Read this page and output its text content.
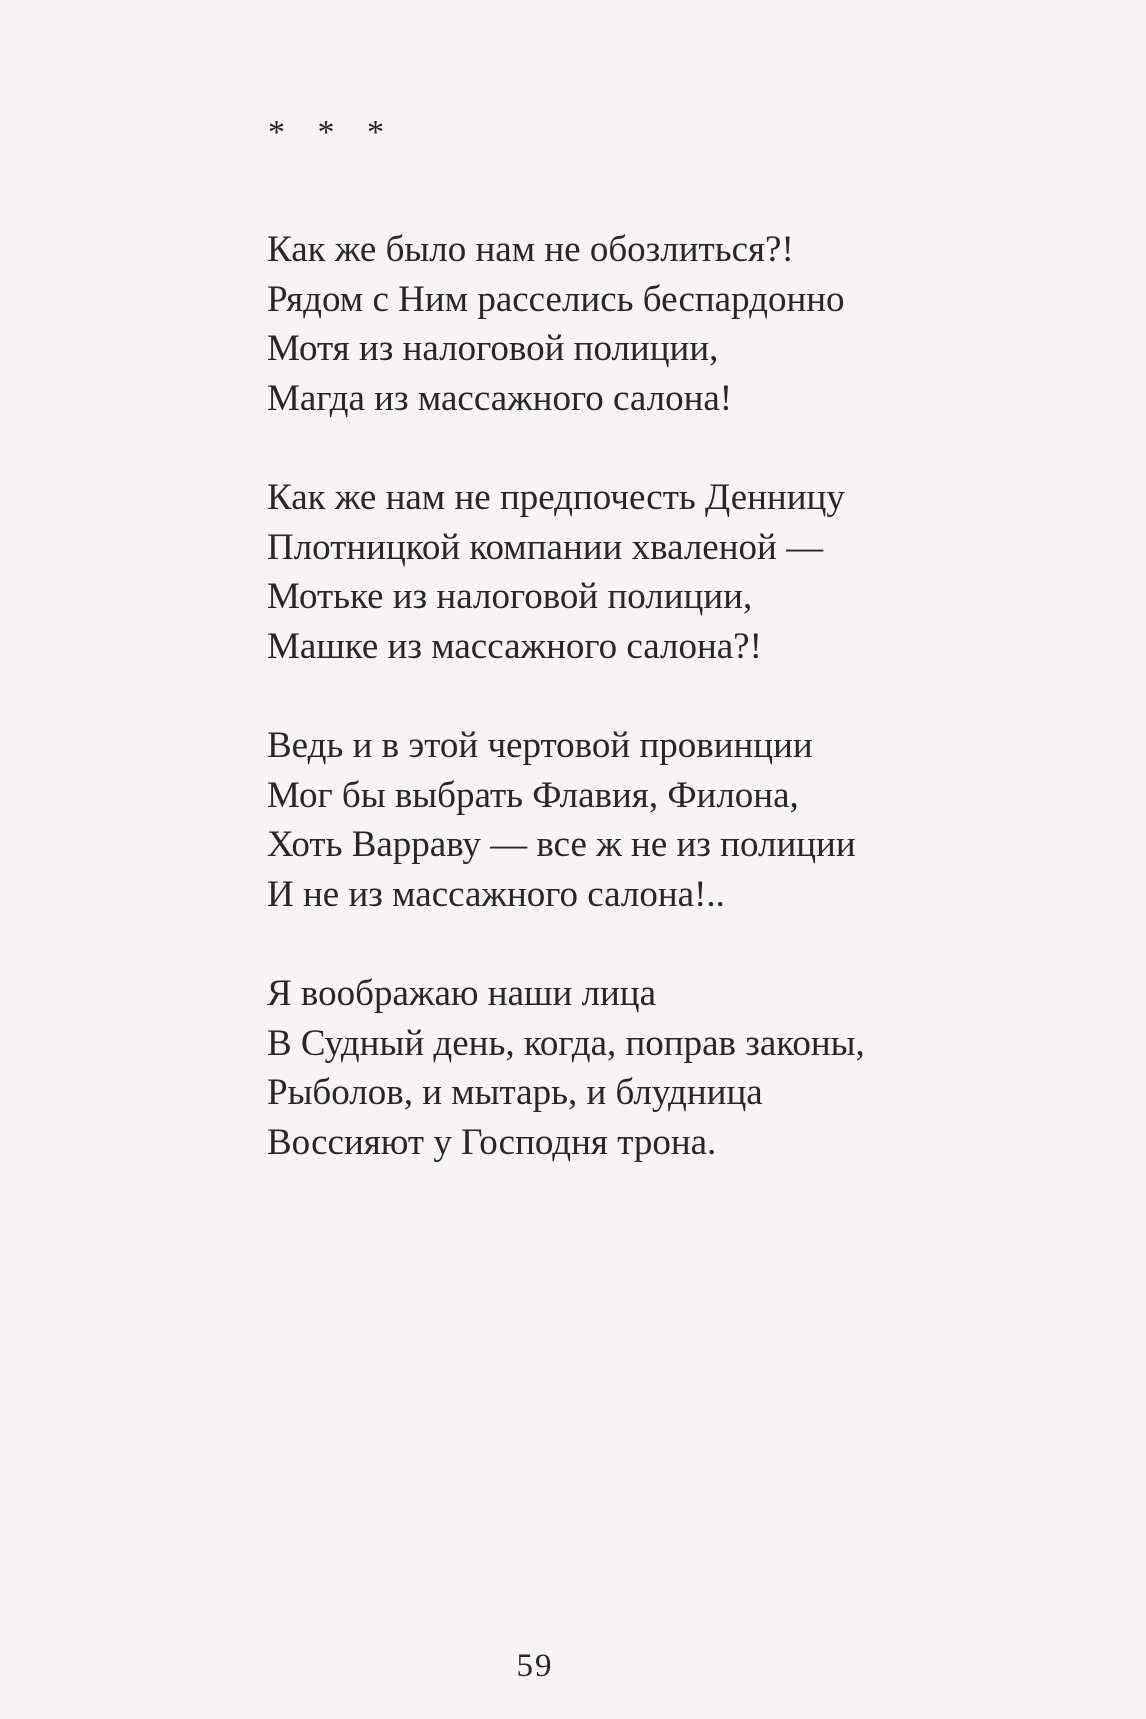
* * *
Как же было нам не обозлиться?!
Рядом с Ним расселись беспардонно
Мотя из налоговой полиции,
Магда из массажного салона!
Как же нам не предпочесть Денницу
Плотницкой компании хваленой —
Мотьке из налоговой полиции,
Машке из массажного салона?!
Ведь и в этой чертовой провинции
Мог бы выбрать Флавия, Филона,
Хоть Варраву — все ж не из полиции
И не из массажного салона!..
Я воображаю наши лица
В Судный день, когда, поправ законы,
Рыболов, и мытарь, и блудница
Воссияют у Господня трона.
59
